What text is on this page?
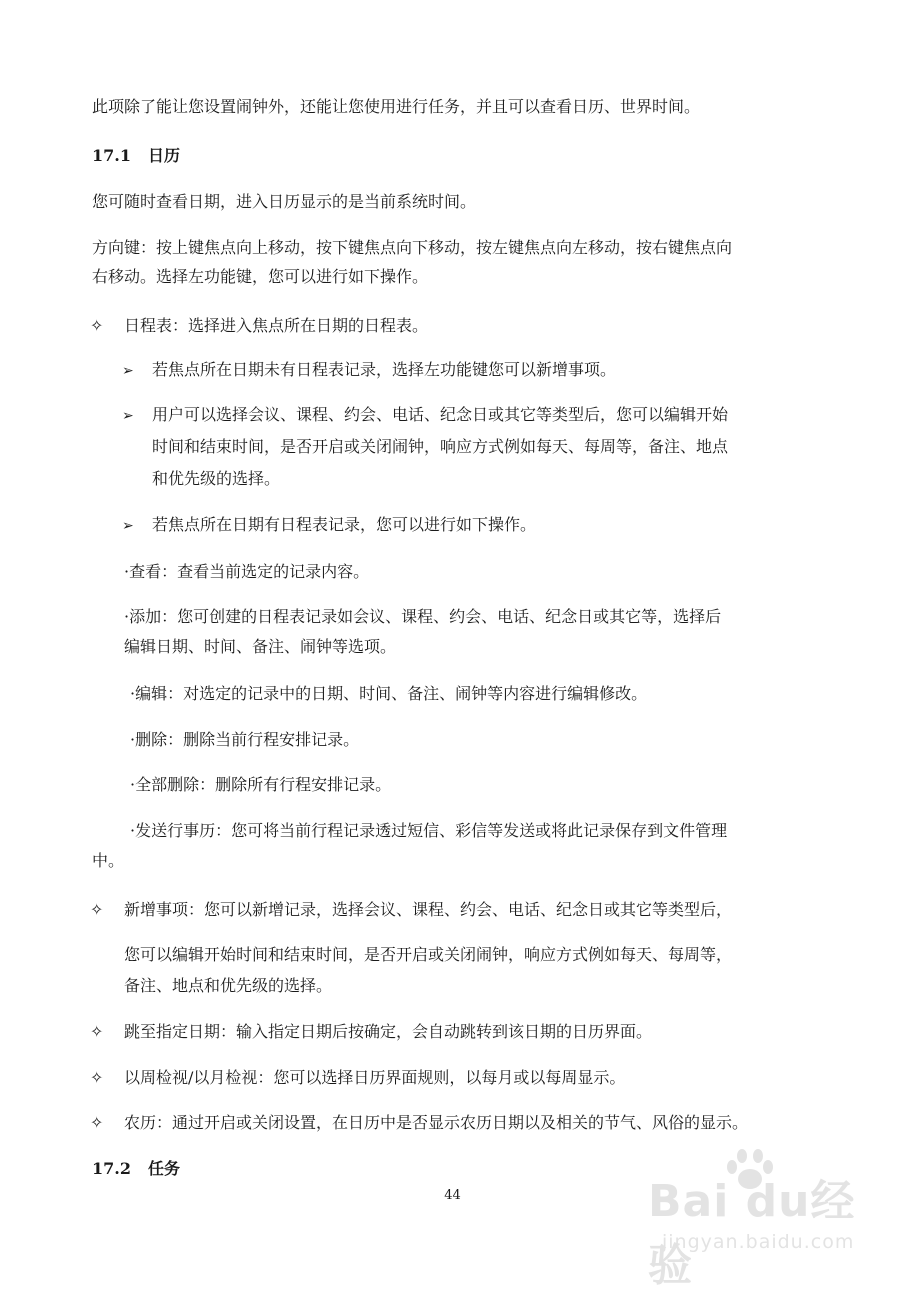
此项除了能让您设置闹钟外，还能让您使用进行任务，并且可以查看日历、世界时间。
17.1 日历
您可随时查看日期，进入日历显示的是当前系统时间。
方向键：按上键焦点向上移动，按下键焦点向下移动，按左键焦点向左移动，按右键焦点向
右移动。选择左功能键，您可以进行如下操作。
✧ 日程表：选择进入焦点所在日期的日程表。
➢ 若焦点所在日期未有日程表记录，选择左功能键您可以新增事项。
➢ 用户可以选择会议、课程、约会、电话、纪念日或其它等类型后，您可以编辑开始
时间和结束时间，是否开启或关闭闹钟，响应方式例如每天、每周等，备注、地点
和优先级的选择。
➢ 若焦点所在日期有日程表记录，您可以进行如下操作。
·查看：查看当前选定的记录内容。
·添加：您可创建的日程表记录如会议、课程、约会、电话、纪念日或其它等，选择后
编辑日期、时间、备注、闹钟等选项。
·编辑：对选定的记录中的日期、时间、备注、闹钟等内容进行编辑修改。
·删除：删除当前行程安排记录。
·全部删除：删除所有行程安排记录。
·发送行事历：您可将当前行程记录透过短信、彩信等发送或将此记录保存到文件管理
中。
✧ 新增事项：您可以新增记录，选择会议、课程、约会、电话、纪念日或其它等类型后，
您可以编辑开始时间和结束时间，是否开启或关闭闹钟，响应方式例如每天、每周等，
备注、地点和优先级的选择。
✧ 跳至指定日期：输入指定日期后按确定，会自动跳转到该日期的日历界面。
✧ 以周检视/以月检视：您可以选择日历界面规则，以每月或以每周显示。
✧ 农历：通过开启或关闭设置，在日历中是否显示农历日期以及相关的节气、风俗的显示。
17.2 任务
44	Bai du经验
jingyan.baidu.com
